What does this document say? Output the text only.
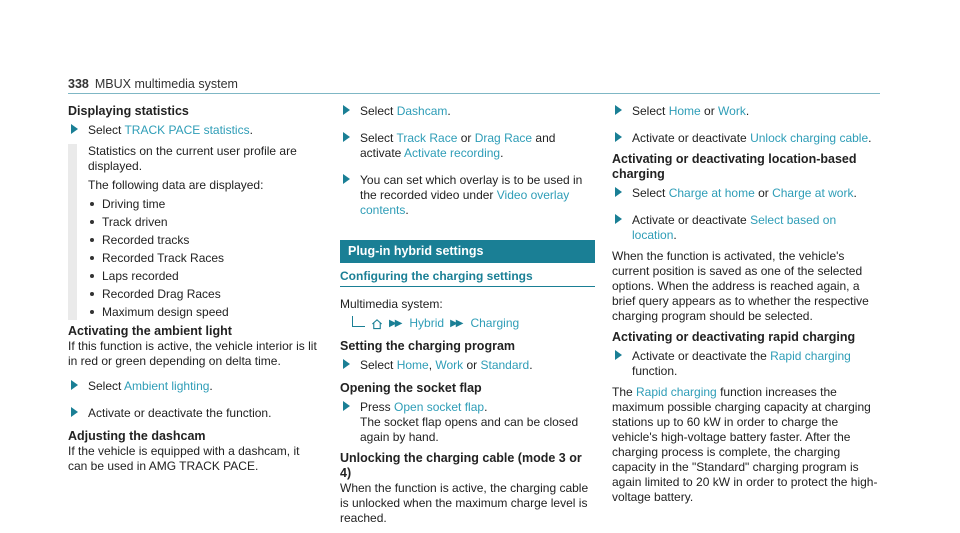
338 MBUX multimedia system
Displaying statistics
Select TRACK PACE statistics.

Statistics on the current user profile are displayed.

The following data are displayed:

Driving time
Track driven
Recorded tracks
Recorded Track Races
Laps recorded
Recorded Drag Races
Maximum design speed
Activating the ambient light

If this function is active, the vehicle interior is lit in red or green depending on delta time.

Select Ambient lighting.
Activate or deactivate the function.
Adjusting the dashcam

If the vehicle is equipped with a dashcam, it can be used in AMG TRACK PACE.

Select Dashcam.
Select Track Race or Drag Race and activate Activate recording.
You can set which overlay is to be used in the recorded video under Video overlay contents.
Plug-in hybrid settings
Configuring the charging settings

Multimedia system:

▶▶ Hybrid ▶▶ Charging
Setting the charging program
Select Home, Work or Standard.
Opening the socket flap
Press Open socket flap.
The socket flap opens and can be closed again by hand.
Unlocking the charging cable (mode 3 or 4)

When the function is active, the charging cable is unlocked when the maximum charge level is reached.

Select Home or Work.
Activate or deactivate Unlock charging cable.
Activating or deactivating location-based charging
Select Charge at home or Charge at work.
Activate or deactivate Select based on location.

When the function is activated, the vehicle's current position is saved as one of the selected options. When the address is reached again, a brief query appears as to whether the respective charging program should be selected.

Activating or deactivating rapid charging
Activate or deactivate the Rapid charging function.

The Rapid charging function increases the maximum possible charging capacity at charging stations up to 60 kW in order to charge the vehicle's high-voltage battery faster. After the charging process is complete, the charging capacity in the "Standard" charging program is again limited to 20 kW in order to protect the high-voltage battery.
